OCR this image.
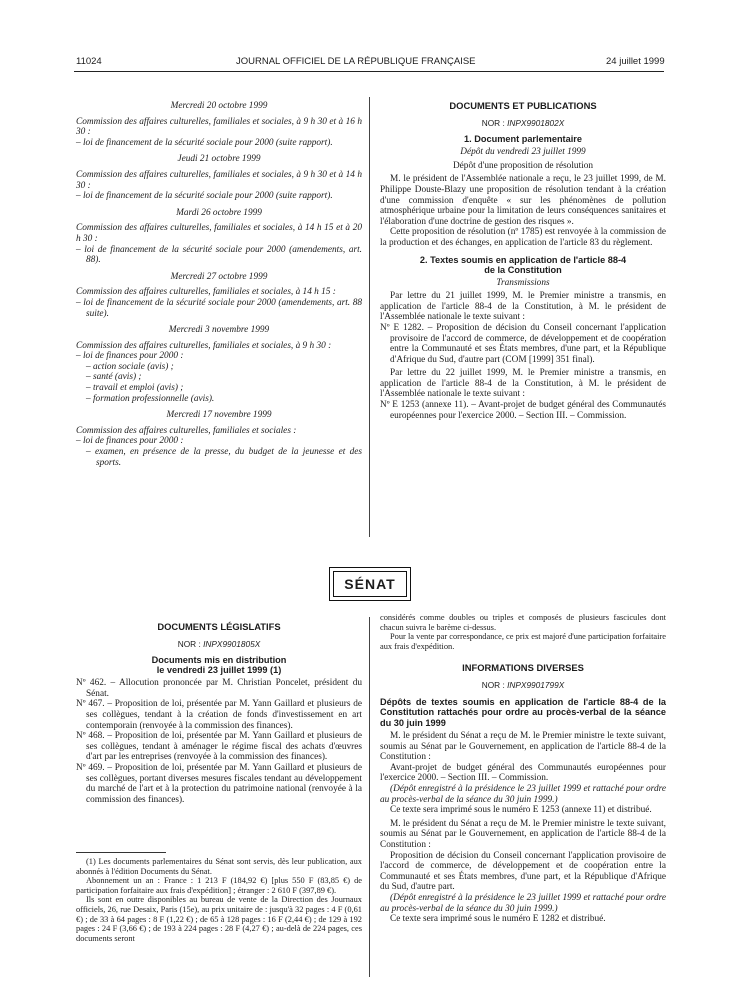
11024	JOURNAL OFFICIEL DE LA RÉPUBLIQUE FRANÇAISE	24 juillet 1999

Mercredi 20 octobre 1999

Commission des affaires culturelles, familiales et sociales, à 9 h 30 et à 16 h 30 :

– loi de financement de la sécurité sociale pour 2000 (suite rapport).

Jeudi 21 octobre 1999

Commission des affaires culturelles, familiales et sociales, à 9 h 30 et à 14 h 30 :

– loi de financement de la sécurité sociale pour 2000 (suite rapport).

Mardi 26 octobre 1999

Commission des affaires culturelles, familiales et sociales, à 14 h 15 et à 20 h 30 :

– loi de financement de la sécurité sociale pour 2000 (amendements, art. 88).

Mercredi 27 octobre 1999

Commission des affaires culturelles, familiales et sociales, à 14 h 15 :

– loi de financement de la sécurité sociale pour 2000 (amendements, art. 88 suite).

Mercredi 3 novembre 1999

Commission des affaires culturelles, familiales et sociales, à 9 h 30 :

– loi de finances pour 2000 :

– action sociale (avis) ;

– santé (avis) ;

– travail et emploi (avis) ;

– formation professionnelle (avis).

Mercredi 17 novembre 1999

Commission des affaires culturelles, familiales et sociales :

– loi de finances pour 2000 :

– examen, en présence de la presse, du budget de la jeunesse et des sports.

DOCUMENTS ET PUBLICATIONS

NOR : INPX9901802X

1. Document parlementaire

Dépôt du vendredi 23 juillet 1999

Dépôt d'une proposition de résolution

M. le président de l'Assemblée nationale a reçu, le 23 juillet 1999, de M. Philippe Douste-Blazy une proposition de résolution tendant à la création d'une commission d'enquête « sur les phénomènes de pollution atmosphérique urbaine pour la limitation de leurs conséquences sanitaires et l'élaboration d'une doctrine de gestion des risques ».

Cette proposition de résolution (nº 1785) est renvoyée à la commission de la production et des échanges, en application de l'article 83 du règlement.

2. Textes soumis en application de l'article 88-4

de la Constitution

Transmissions

Par lettre du 21 juillet 1999, M. le Premier ministre a transmis, en application de l'article 88-4 de la Constitution, à M. le président de l'Assemblée nationale le texte suivant :

Nº E 1282. – Proposition de décision du Conseil concernant l'application provisoire de l'accord de commerce, de développement et de coopération entre la Communauté et ses États membres, d'une part, et la République d'Afrique du Sud, d'autre part (COM [1999] 351 final).

Par lettre du 22 juillet 1999, M. le Premier ministre a transmis, en application de l'article 88-4 de la Constitution, à M. le président de l'Assemblée nationale le texte suivant :

Nº E 1253 (annexe 11). – Avant-projet de budget général des Communautés européennes pour l'exercice 2000. – Section III. – Commission.

SÉNAT

DOCUMENTS LÉGISLATIFS

NOR : INPX9901805X

Documents mis en distribution

le vendredi 23 juillet 1999 (1)

Nº 462. – Allocution prononcée par M. Christian Poncelet, président du Sénat.

Nº 467. – Proposition de loi, présentée par M. Yann Gaillard et plusieurs de ses collègues, tendant à la création de fonds d'investissement en art contemporain (renvoyée à la commission des finances).

Nº 468. – Proposition de loi, présentée par M. Yann Gaillard et plusieurs de ses collègues, tendant à aménager le régime fiscal des achats d'œuvres d'art par les entreprises (renvoyée à la commission des finances).

Nº 469. – Proposition de loi, présentée par M. Yann Gaillard et plusieurs de ses collègues, portant diverses mesures fiscales tendant au développement du marché de l'art et à la protection du patrimoine national (renvoyée à la commission des finances).

(1) Les documents parlementaires du Sénat sont servis, dès leur publication, aux abonnés à l'édition Documents du Sénat.

Abonnement un an : France : 1 213 F (184,92 €) [plus 550 F (83,85 €) de participation forfaitaire aux frais d'expédition] ; étranger : 2 610 F (397,89 €).

Ils sont en outre disponibles au bureau de vente de la Direction des Journaux officiels, 26, rue Desaix, Paris (15e), au prix unitaire de : jusqu'à 32 pages : 4 F (0,61 €) ; de 33 à 64 pages : 8 F (1,22 €) ; de 65 à 128 pages : 16 F (2,44 €) ; de 129 à 192 pages : 24 F (3,66 €) ; de 193 à 224 pages : 28 F (4,27 €) ; au-delà de 224 pages, ces documents seront

considérés comme doubles ou triples et composés de plusieurs fascicules dont chacun suivra le barème ci-dessus.

Pour la vente par correspondance, ce prix est majoré d'une participation forfaitaire aux frais d'expédition.

INFORMATIONS DIVERSES

NOR : INPX9901799X

Dépôts de textes soumis en application de l'article 88-4 de la Constitution rattachés pour ordre au procès-verbal de la séance du 30 juin 1999

M. le président du Sénat a reçu de M. le Premier ministre le texte suivant, soumis au Sénat par le Gouvernement, en application de l'article 88-4 de la Constitution :

Avant-projet de budget général des Communautés européennes pour l'exercice 2000. – Section III. – Commission.

(Dépôt enregistré à la présidence le 23 juillet 1999 et rattaché pour ordre au procès-verbal de la séance du 30 juin 1999.)

Ce texte sera imprimé sous le numéro E 1253 (annexe 11) et distribué.

M. le président du Sénat a reçu de M. le Premier ministre le texte suivant, soumis au Sénat par le Gouvernement, en application de l'article 88-4 de la Constitution :

Proposition de décision du Conseil concernant l'application provisoire de l'accord de commerce, de développement et de coopération entre la Communauté et ses États membres, d'une part, et la République d'Afrique du Sud, d'autre part.

(Dépôt enregistré à la présidence le 23 juillet 1999 et rattaché pour ordre au procès-verbal de la séance du 30 juin 1999.)

Ce texte sera imprimé sous le numéro E 1282 et distribué.
